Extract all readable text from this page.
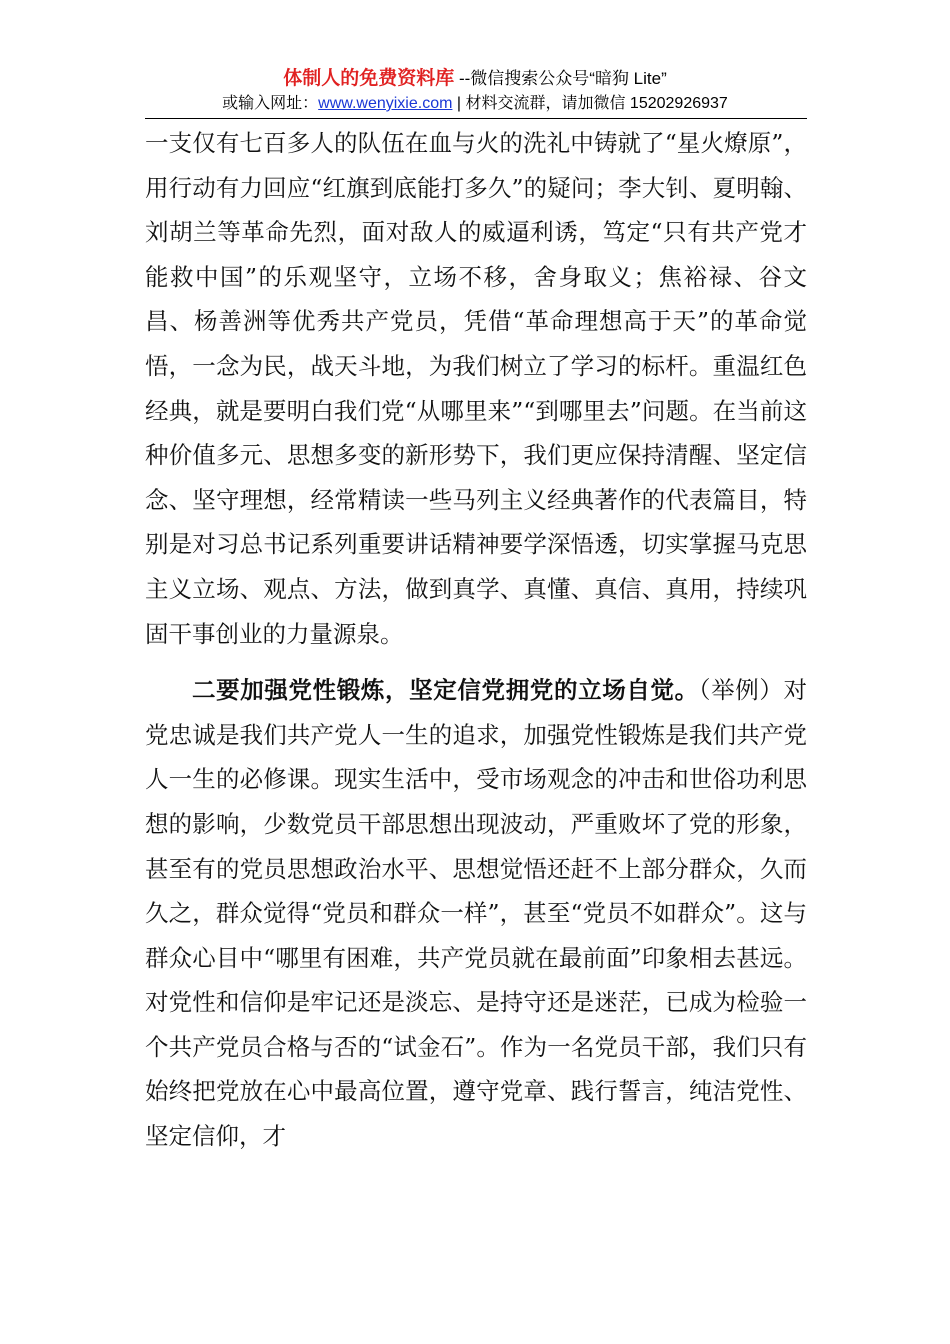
体制人的免费资料库 --微信搜索公众号“暗狗 Lite”
或输入网址：www.wenyixie.com | 材料交流群，请加微信 15202926937

一支仅有七百多人的队伍在血与火的洗礼中铸就了“星火燎原”，用行动有力回应“红旗到底能打多久”的疑问；李大钊、夏明翰、刘胡兰等革命先烈，面对敌人的威逼利诱，笃定“只有共产党才能救中国”的乐观坚守，立场不移，舍身取义；焦裕禄、谷文昌、杨善洲等优秀共产党员，凭借“革命理想高于天”的革命觉悟，一念为民，战天斗地，为我们树立了学习的标杆。重温红色经典，就是要明白我们党“从哪里来”“到哪里去”问题。在当前这种价值多元、思想多变的新形势下，我们更应保持清醒、坚定信念、坚守理想，经常精读一些马列主义经典著作的代表篇目，特别是对习总书记系列重要讲话精神要学深悟透，切实掌握马克思主义立场、观点、方法，做到真学、真懂、真信、真用，持续巩固干事创业的力量源泉。

二要加强党性锻炼，坚定信党拥党的立场自觉。（举例）对党忠诚是我们共产党人一生的追求，加强党性锻炼是我们共产党人一生的必修课。现实生活中，受市场观念的冲击和世俗功利思想的影响，少数党员干部思想出现波动，严重败坏了党的形象，甚至有的党员思想政治水平、思想觉悟还赶不上部分群众，久而久之，群众觉得“党员和群众一样”，甚至“党员不如群众”。这与群众心目中“哪里有困难，共产党员就在最前面”印象相去甚远。对党性和信仰是牢记还是淡忘、是持守还是迷茫，已成为检验一个共产党员合格与否的“试金石”。作为一名党员干部，我们只有始终把党放在心中最高位置，遵守党章、践行誓言，纯洁党性、坚定信仰，才
